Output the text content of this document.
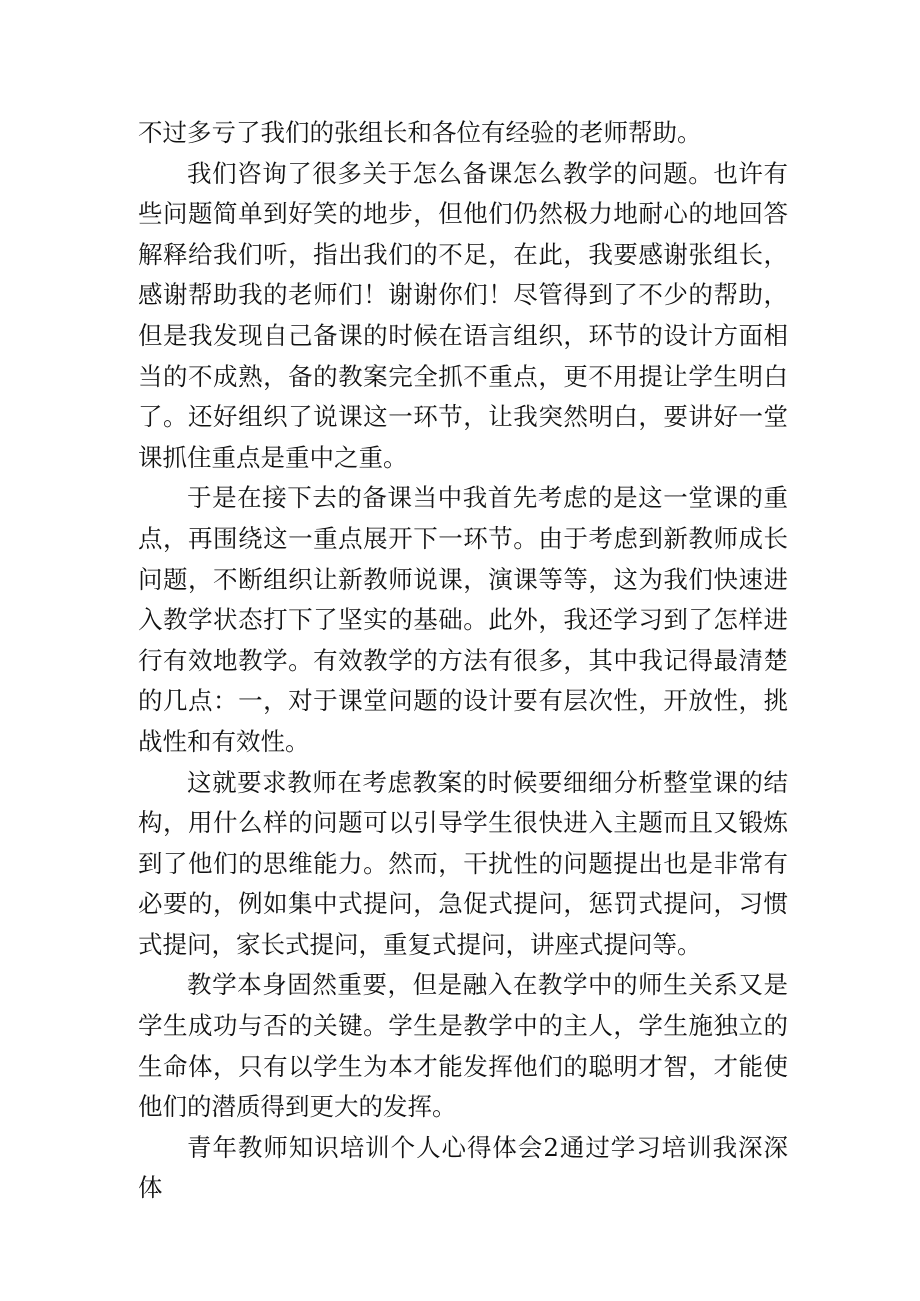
不过多亏了我们的张组长和各位有经验的老师帮助。

我们咨询了很多关于怎么备课怎么教学的问题。也许有些问题简单到好笑的地步，但他们仍然极力地耐心的地回答解释给我们听，指出我们的不足，在此，我要感谢张组长，感谢帮助我的老师们！谢谢你们！尽管得到了不少的帮助，但是我发现自己备课的时候在语言组织，环节的设计方面相当的不成熟，备的教案完全抓不重点，更不用提让学生明白了。还好组织了说课这一环节，让我突然明白，要讲好一堂课抓住重点是重中之重。

于是在接下去的备课当中我首先考虑的是这一堂课的重点，再围绕这一重点展开下一环节。由于考虑到新教师成长问题，不断组织让新教师说课，演课等等，这为我们快速进入教学状态打下了坚实的基础。此外，我还学习到了怎样进行有效地教学。有效教学的方法有很多，其中我记得最清楚的几点：一，对于课堂问题的设计要有层次性，开放性，挑战性和有效性。

这就要求教师在考虑教案的时候要细细分析整堂课的结构，用什么样的问题可以引导学生很快进入主题而且又锻炼到了他们的思维能力。然而，干扰性的问题提出也是非常有必要的，例如集中式提问，急促式提问，惩罚式提问，习惯式提问，家长式提问，重复式提问，讲座式提问等。

教学本身固然重要，但是融入在教学中的师生关系又是学生成功与否的关键。学生是教学中的主人，学生施独立的生命体，只有以学生为本才能发挥他们的聪明才智，才能使他们的潜质得到更大的发挥。

青年教师知识培训个人心得体会2通过学习培训我深深体
